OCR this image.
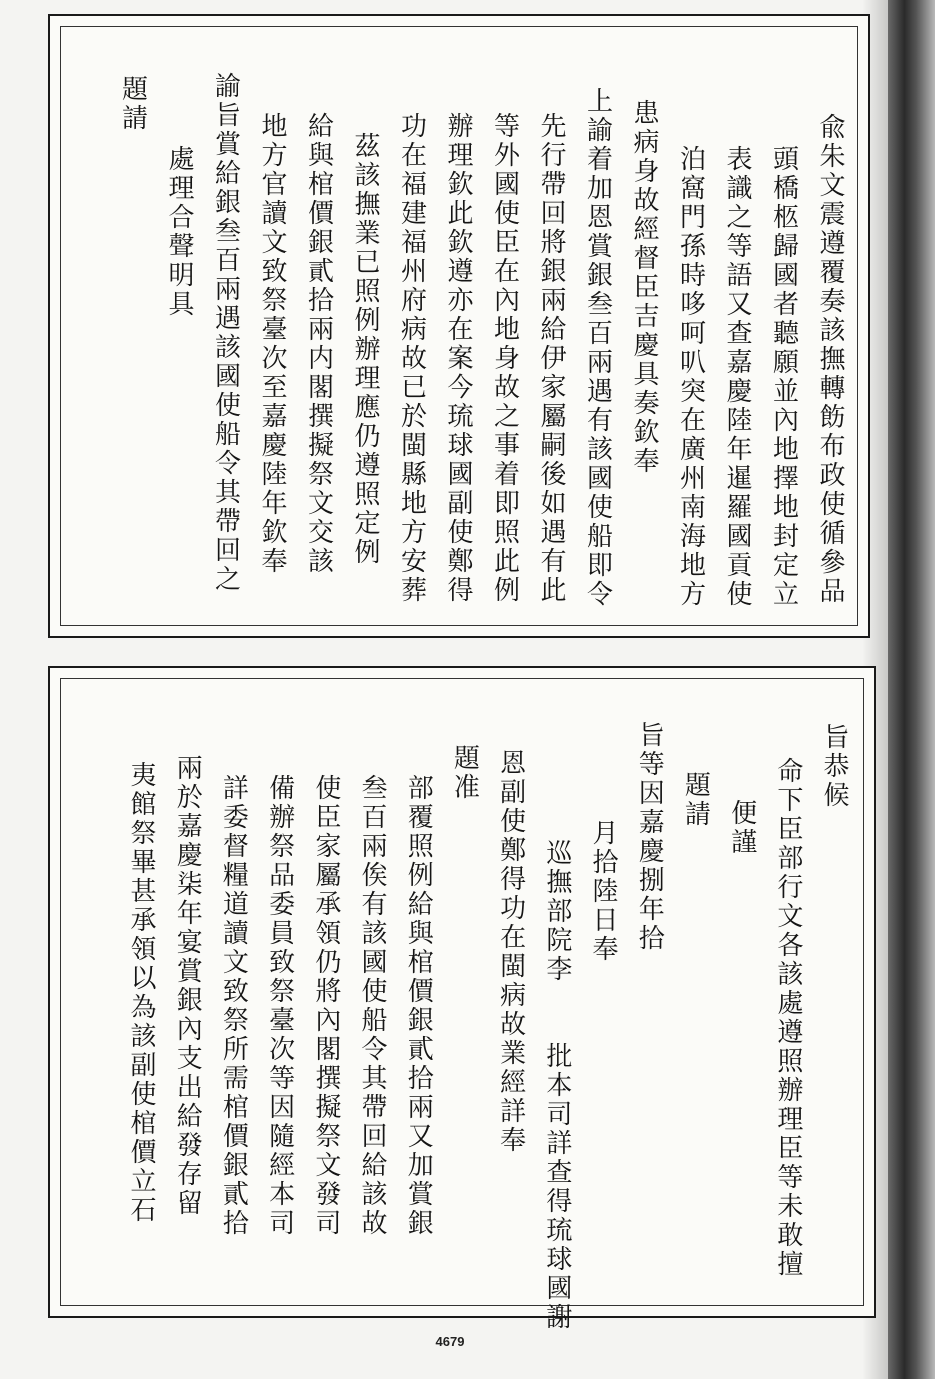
兪朱文震遵覆奏該撫轉飭布政使循參品
頭橋柩歸國者聽願並內地擇地封定立
表識之等語又查嘉慶陸年暹羅國貢使
泊窩門孫時哆呵叭突在廣州南海地方
患病身故經督臣吉慶具奏欽奉
上諭着加恩賞銀叁百兩遇有該國使船即令
先行帶回將銀兩給伊家屬嗣後如遇有此
等外國使臣在內地身故之事着即照此例
辦理欽此欽遵亦在案今琉球國副使鄭得
功在福建福州府病故已於閩縣地方安葬
茲該撫業已照例辦理應仍遵照定例
給與棺價銀貳拾兩内閣撰擬祭文交該
地方官讀文致祭臺次至嘉慶陸年欽奉
諭旨賞給銀叁百兩遇該國使船令其帶回之
處理合聲明具
題請
旨恭候
命下臣部行文各該處遵照辦理臣等未敢擅
便謹
題請
旨等因嘉慶捌年拾
月拾陸日奉
巡撫部院李　　批本司詳查得琉球國謝
恩副使鄭得功在閩病故業經詳奉
題准
部覆照例給與棺價銀貳拾兩又加賞銀
叁百兩俟有該國使船令其帶回給該故
使臣家屬承領仍將內閣撰擬祭文發司
備辦祭品委員致祭臺次等因隨經本司
詳委督糧道讀文致祭所需棺價銀貳拾
兩於嘉慶柒年宴賞銀內支出給發存留
夷館祭畢甚承領以為該副使棺價立石
4679
